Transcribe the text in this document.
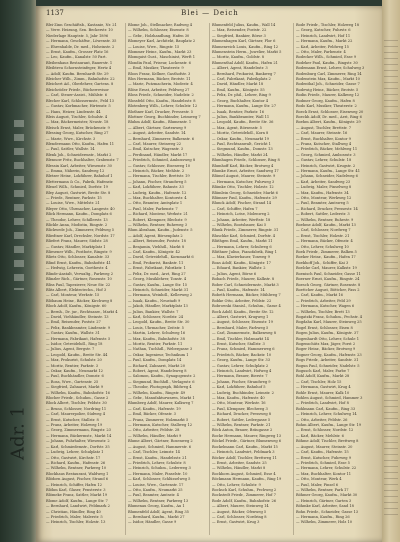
Adr. 1
1137	Blei — Deich
Blei-Zinn Geschäftsb., Kastanie, Nr. 21
— Verw. Heizung, Sen. Beckerstr. 10
Niederlage Hauptstr. 5, Jahr 1896
— Hermann, Geschäftsr., Löwenstr. 35
— Ehrenhalde, Dr. med., Hoheinstr. 2
— Ernst, Kaufm., Grosser Platz 16
— Leo, Kaufm., Kanalstr. 50 Part.
Bleibenhaus Restaurant, Bauerstr. 1
Bleibtreu Schornsteinfeger, Hertz 4
— Adolf, Kaufm. Bernhardt Str. 29
Bleicher Wilh., Zimm., Bahnhofstr. 22
Bleichert Ad., Oberlehrer, Gartens. 8
Bleichröder Friedr., Bücherrevisor
— Carl, Steuer-Assist., Mühlstr. 6
Blecher Karl, Schlossermstr., Feld 13
— Gustav, Korbmacher, Hirtenstr. 5
— Hans, Heizer, Lindenstr. 44
Bleis August, Tischler, Schulstr. 4
— Max, Bäckermeister, Neustr. 18
Bleisch Ernst, Maler, Brückenstr. 9
Blessing Georg, Kutscher, Ring 27
— Marie, Wwe., Kirchstr. 3
Blendermann Otto, Kaufm., Hafen 11
— Paul, Sattler, Wallstr. 14
Blenk Joh., Schneidermstr., Markt 2
Blennow Fritz, Buchhalter, Grabenstr. 7
Blessin Karl, Arbeiter, Wiesenstr. 30
— Emma, Näherin, Sandweg 12
Bletzer Heinr., Lokführer, Bahnhof 1
Blettermann & Co., Fabrik, Hafenstr.
Bleuel Wilh., Schmied, Dorfstr. 19
Bley August, Gastwirt, Breite Str. 8
— Friedr., Rentner, Parkstr. 15
— Louise, Wwe., Mittelstr. 21
Bleyer Otto, Uhrmacher, Langestr. 40
Blick Hermann, Kaufm., Domplatz 6
— Theodor, Lehrer, Schillerstr. 13
Blickle Anna, Modistin, Ringstr. 2
Blickwede Joh., Zimmerer, Feldweg 5
Bliedtner Karl, Drechsler, Nordstr. 17
Bliefert Franz, Maurer, Südstr. 28
— Gustav, Händler, Marktplatz 1
Bliesener Wilh., Postbote, Ringstr. 9
Blietz Otto, Schlosser, Kanalstr. 33
Blind Ernst, Kaufm., Bahnhofstr. 41
— Hedwig, Lehrerin, Goethestr. 4
Blinde-Anstalt, Verwaltg., Parkweg 2
Blinzler Rich., Gärtner, Rosenstr. 10
Bliss Paul, Tapezierer, Neue Str. 22
Blitz Albert, Elektrotechn., Hof 3
— Carl, Monteur, Werkstr. 15
Blöbaum Heinr., Bäcker, Kirchweg 8
Bloch Adolf, Kaufm., Königstr. 60
— Bernh., Dr. jur., Rechtsanw., Markt 4
— David, Viehhändler, Steinstr. 13
— Emil, Reisender, Poststr. 27
— Felix, Bankbeamter, Lindenstr. 9
— Gustav, Kaufm., Wallstr. 31
— Hermann, Fabrikant, Hafenstr. 5
— Isidor, Getreidehdl., Ring 18
— Julius, Agent, Bergstr. 7
— Leopold, Kaufm., Breite Str. 44
— Max, Prokurist, Schulstr. 20
— Moritz, Rentier, Parkstr. 3
— Oskar, Kaufm., Neumarkt 12
— Paul, Buchhändler, Domstr. 6
— Rosa, Wwe., Gartenstr. 25
— Siegfried, Zahnarzt, Markt 9
— Wilhelm, Kaufm., Bahnhofstr. 16
Blocher Friedr., Schuhm., Gasse 2
Block Albert, Tischler, Feldstr. 30
— Bruno, Schlosser, Nordring 11
— Carl, Maurerpolier, Südweg 4
— Ernst, Kutscher, Stallstr. 8
— Franz, Arbeiter, Holzweg 19
— Georg, Zimmermann, Ringstr. 23
— Hermann, Bäckermstr., Markt 14
— Johann, Fuhrhalter, Wiesenstr. 2
— Karl, Schmiedemstr., Dorfstr. 35
— Ludwig, Lehrer, Schulplatz 1
— Otto, Gastwirt, Kirchstr. 17
— Richard, Kaufm., Hafenstr. 26
— Wilhelm, Rentner, Parkweg 10
Blockhaus Restaurant, Waldweg 1
Blödorn August, Fischer, Strand 6
— Heinrich, Schiffer, Hafen 12
Blöhm Karl, Glaser, Fensterstr. 3
Blömeke Franz, Sattler, Markt 19
Blome Adolf, Kaufm., Lange Str. 7
— Bernhard, Landwirt, Feldmark 2
— Christian, Händler, Ring 40
— Friedrich, Maler, Malerstr. 5
— Heinrich, Tischler, Holzstr. 13
Blome Joh., Stellmacher, Radweg 4
— Wilhelm, Schlosser, Eisenstr. 8
— Gebr., Holzhandlung, Hafen 30
Blomeyer Karl, Architekt, Bauplatz 2
— Louise, Wwe., Ringstr. 15
Blommer Heinr., Kaufm., Markt 23
Blomquist Gust., Maschinist, Werft 1
Blondin Paul, Friseur, Lockenstr. 6
— Emil, Musiker, Theaterstr. 9
Bloos Franz, Kellner, Gasthofstr. 3
Blos Hermann, Bäcker, Brotstr. 11
— Marie, Putzmacherin, Modestr. 4
Blöse Ernst, Arbeiter, Feldweg 27
Bloss Friedr., Schneider, Nadelstr. 2
Blossfeld Otto, Kaufm., Handelsstr. 8
Blotenberg Wilh., Lehrer, Schulstr. 12
Blothner Karl, Drucker, Pressestr. 5
Blottner Georg, Buchbinder, Leimweg 7
Bluhm Adolf, Kaufm., Blumenstr. 1
— Albert, Gärtner, Gartenweg 9
— August, Arbeiter, Sandstr. 14
— Bernhard, Zimmerer, Balkenstr. 6
— Carl, Maurer, Steinweg 22
— Emil, Kutscher, Wagenstr. 3
— Ferdinand, Händler, Markt 17
— Friedrich, Schmied, Ambossweg 8
— Gustav, Schlosser, Eisenweg 10
— Heinrich, Bäcker, Mehlstr. 2
— Hermann, Tischler, Brettstr. 19
— Johann, Fischer, Strandweg 5
— Karl, Lokführer, Bahnstr. 33
— Ludwig, Kaufm., Hafenstr. 12
— Max, Buchhalter, Kontorstr. 4
— Otto, Beamter, Amtsplatz 1
— Paul, Maler, Farbenstr. 7
— Richard, Monteur, Werkstr. 21
— Robert, Klempner, Blechstr. 9
— Wilhelm, Rentner, Ruheweg 3
Blum Abraham, Kaufm., Judenstr. 5
— Adolf, Agent, Börsenplatz 2
— Albert, Reisender, Poststr. 18
— Benjamin, Viehhdl., Markt 8
— Carl, Kaufm., Königstr. 42
— David, Getreidehdl., Kornmarkt 6
— Emil, Prokurist, Bankstr. 11
— Ernst, Fabrikant, Fabrikstr. 1
— Felix, Dr. med., Arzt, Ring 27
— Georg, Musiklehrer, Tonstr. 4
— Gustav, Kaufm., Lange Str. 15
— Heinrich, Schneider, Markt 31
— Hermann, Weinhdl., Kellerweg 2
— Isaak, Kaufm., Neustadt 9
— Jakob, Händler, Marktplatz 13
— Julius, Bankier, Wallstr. 7
— Karl, Schlosser, Nordstr. 24
— Leopold, Kaufm., Breite Str. 30
— Louis, Uhrmacher, Zeitstr. 5
— Martin, Lehrer, Schulweg 16
— Max, Kaufm., Bahnhofstr. 38
— Moritz, Rentier, Parkstr. 11
— Nathan, Tuchhdl., Webergasse 3
— Oskar, Ingenieur, Technikum 1
— Paul, Kaufm., Domplatz 14
— Richard, Zahnarzt, Markt 20
— Robert, Agent, Handelsweg 8
— Salomon, Kaufm., Synagogenstr. 2
— Siegmund, Buchhdl., Verlagsstr. 6
— Theodor, Photograph, Bildweg 4
— Wilhelm, Kaufm., Ringstr. 49
— Gebr., Manufakturwaren, Markt 1
Blumberg Adolf, Maurer, Kalkweg 7
— Carl, Kaufm., Hafenstr. 19
— Emil, Bäcker, Ofenstr. 3
— Franz, Zimmerer, Holzmarkt 5
— Hermann, Kutscher, Stallweg 12
— Otto, Arbeiter, Feldstr. 28
— Wilhelm, Händler, Markt 9
Blume Albert, Gärtner, Rosenweg 2
— August, Schmied, Hammerstr. 6
— Carl, Tischler, Leimstr. 14
— Ernst, Kaufm., Handelsstr. 21
— Friedrich, Lehrer, Schulstr. 8
— Heinrich, Schuhm., Lederweg 3
— Hermann, Maler, Pinselstr. 10
— Karl, Schlosser, Schlüsselweg 5
— Louise, Wwe., Gartenstr. 17
— Otto, Kaufm., Neumarkt 25
— Paul, Beamter, Amtsstr. 4
— Wilhelm, Rentner, Parkweg 13
Blumenau Georg, Kaufm., Au 1
Blumenfeld Adolf, Agent, Ring 35
— Bernhard, Kaufm., Markt 27
— Isidor, Händler, Gasse 9
Blumenfeld Julius, Kaufm., Wall 14
— Max, Reisender, Poststr. 22
— Siegfried, Bankier, Börse 3
Blumenhagen Karl, Gärtner, Flor 6
Blumenreich Louis, Kaufm., Ring 12
Blumenstein Herm., Juwelier, Markt 5
— Moritz, Kaufm., Goldstr. 8
Blumenthal Adolf, Kaufm., Hafen 21
— Albert, Agent, Handelsstr. 3
— Bernhard, Prokurist, Bankweg 7
— Carl, Fabrikant, Fabrikplatz 2
— David, Händler, Markt 18
— Emil, Kaufm., Königstr. 55
— Felix, Dr. phil., Lehrer, Ring 9
— Georg, Buchhalter, Kontor 4
— Hermann, Kaufm., Lange Str. 27
— Isaak, Rentier, Parkstr. 16
— Julius, Bankbeamter, Wall 11
— Leopold, Kaufm., Breite Str. 36
— Max, Agent, Börsenstr. 5
— Moritz, Getreidehdl., Korn 8
— Oskar, Kaufm., Neumarkt 19
— Paul, Rechtsanwalt, Gericht 1
— Siegmund, Kaufm., Domstr. 13
— Wilhelm, Händler, Markt 24
Blumhagen Friedr., Schlosser, Ring 8
Blumhoff Karl, Bäcker, Brotweg 4
Blumke Ernst, Arbeiter, Sandweg 17
Blümel August, Maurer, Steinstr. 9
— Hermann, Kutscher, Fuhrweg 3
Blümke Otto, Tischler, Holzstr. 12
Blümlein Georg, Schneider, Markt 6
Blümner Paul, Kaufm., Hafenstr. 29
Blunck Adolf, Fischer, Strand 14
— Carl, Schiffer, Hafen 7
— Heinrich, Lotse, Molenweg 2
— Johann, Arbeiter, Werftstr. 18
— Wilhelm, Bootsbauer, Kai 5
Blunk Friedr., Zimmerer, Ringstr. 31
Bluschke Karl, Schmied, Dorfstr. 4
Blüthgen Emil, Kaufm., Markt 11
— Hermann, Lehrer, Schulweg 6
Blüthner Julius, Pianofabrik, Ring 1
— Max, Klavierbauer, Tonweg 9
Boas Adolf, Kaufm., Königstr. 17
— Eduard, Bankier, Wallstr. 2
— Julius, Agent, Börse 6
Bobach Friedr., Maurer, Kalkstr. 8
Bober Carl, Schneidermstr., Markt 3
— Paul, Kaufm., Hafenstr. 14
Bobeth Hermann, Bäcker, Mühlweg 7
Bobke Otto, Arbeiter, Feldstr. 22
Bobrowski Stanisl., Schuhm., Gasse 4
Bock Adolf, Kaufm., Breite Str. 12
— Albert, Gastwirt, Krugweg 1
— August, Schlosser, Eisenstr. 19
— Bernhard, Maler, Farbweg 5
— Carl, Zimmermstr., Balkenweg 8
— Emil, Tischler, Holzmarkt 14
— Ernst, Kutscher, Stallstr. 3
— Franz, Schmied, Hammerweg 6
— Friedrich, Bäcker, Backstr. 10
— Georg, Kaufm., Lange Str. 33
— Gustav, Lehrer, Schulplatz 2
— Heinrich, Landwirt, Hofweg 4
— Hermann, Brauer, Bierstr. 7
— Johann, Fischer, Strandweg 9
— Karl, Lokführer, Bahnhof 5
— Ludwig, Buchbinder, Leimstr. 2
— Max, Kaufm., Hafenstr. 40
— Otto, Monteur, Werkstr. 16
— Paul, Klempner, Blechweg 3
— Richard, Drucker, Pressweg 8
— Robert, Sattler, Ledergasse 5
— Wilhelm, Rentner, Parkstr. 21
Böck Anton, Brauer, Bräugasse 2
Bocke Hermann, Maurer, Ringweg 13
Böckel Friedr., Gärtner, Blumenweg 6
Bockelmann Carl, Kaufm., Markt 15
— Heinrich, Landwirt, Feldmark 3
Böcker Adolf, Tischler, Brettweg 11
— Ernst, Arbeiter, Sandstr. 25
— Wilhelm, Händler, Markt 8
Bockhorn August, Schmied, Esse 4
Böckmann Hermann, Kaufm., Ring 19
— Otto, Lehrer, Schulstr. 9
Bocksch Karl, Schuhm., Pechweg 2
Bockstedt Friedr., Zimmerer, Hof 7
Bode Adolf, Kaufm., Bahnhofstr. 26
— Albert, Maurer, Steinweg 14
— August, Bäcker, Ofenweg 5
— Carl, Schlosser, Nordring 8
— Ernst, Gastwirt, Krug 3
Bode Friedr., Tischler, Holzweg 18
— Georg, Kutscher, Fuhrstr. 6
— Heinrich, Landwirt, Hof 11
— Hermann, Kaufm., Markt 22
— Karl, Arbeiter, Feldweg 15
— Otto, Maler, Farbenstr. 4
Bodecker Wilh., Schmied, Esse 9
Bodeker Paul, Kaufm., Ringstr. 30
Bodemann Ernst, Lehrer, Schulweg 3
Bodenburg Carl, Zimmerer, Ring 14
Bodenstein Max, Kaufm., Markt 10
Bodenthal Joh., Schneider, Gasse 7
Bodewig Heinr., Bäcker, Brotstr. 5
Bodin Friedr., Maurer, Kalkweg 12
Bodmer Georg, Kaufm., Hafen 8
Bodo Karl, Musiker, Theaterstr. 2
Boeck Ernst, Schlosser, Eisenweg 20
Boeckh Adolf, Dr. med., Arzt, Ring 6
Boehm Albert, Kaufm., Königstr. 29
— August, Tischler, Brettstr. 7
— Carl, Maurer, Steinstr. 16
— Ernst, Buchhalter, Kontor 9
— Franz, Kutscher, Stallweg 4
— Friedrich, Bäcker, Mehlweg 11
— Georg, Schmied, Ambossstr. 3
— Gustav, Lehrer, Schulstr. 18
— Heinrich, Gastwirt, Krugstr. 2
— Hermann, Kaufm., Lange Str. 41
— Johann, Schneider, Nadelweg 6
— Karl, Arbeiter, Sandweg 23
— Ludwig, Maler, Pinselweg 8
— Max, Kaufm., Hafenstr. 34
— Otto, Monteur, Werkweg 12
— Paul, Beamter, Amtsweg 5
— Richard, Drucker, Pressestr. 14
— Robert, Sattler, Lederstr. 3
— Wilhelm, Rentner, Ruhestr. 9
Boehme Adolf, Kaufm., Markt 13
— Carl, Schlosser, Nordweg 7
— Ernst, Tischler, Holzstr. 21
— Hermann, Bäcker, Ofenstr. 4
— Otto, Lehrer, Schulweg 10
Boek Friedr., Zimmerer, Balken 5
Boeker Heinr., Kaufm., Hafen 17
Boekhoff Joh., Schiffer, Kai 3
Boelcke Carl, Maurer, Kalkstr. 19
Boenisch Paul, Schneider, Gasse 11
Boerner Ernst, Kaufm., Ringstr. 24
Boesch Georg, Gärtner, Rosenstr. 8
Boettcher August, Böttcher, Fass 2
— Carl, Kaufm., Markt 16
— Friedrich, Arbeiter, Feld 29
— Hermann, Kutscher, Wagen 6
— Wilhelm, Tischler, Brett 13
Bogatzki Franz, Schuhm., Pechstr. 4
Bogdahn Karl, Maurer, Steinweg 25
Bogel Ernst, Schlosser, Eisen 8
Bogen Julius, Kaufm., Königstr. 37
Bogenhardt Otto, Lehrer, Schule 1
Bogenschütz Max, Jäger, Forst 2
Boger Heinr., Bäcker, Brotweg 9
Bogner Georg, Kaufm., Hafenstr. 23
Bogs Friedr., Arbeiter, Sandstr. 31
Bogun Paul, Schneider, Nadelstr. 5
Bogusch Karl, Maler, Farbe 7
Bohl Adolf, Kaufm., Markt 28
— Carl, Tischler, Holz 15
— Hermann, Gastwirt, Krug 4
Bohle Ernst, Maurer, Kalk 10
Bohlen August, Schmied, Hammer 3
— Friedrich, Landwirt, Hof 8
Bohlmann Carl, Kaufm., Ring 33
— Heinrich, Lehrer, Schulweg 14
— Otto, Arbeiter, Feldstr. 26
Bohm Albert, Kaufm., Lange Str. 19
— Ernst, Schlosser, Nordstr. 12
— Karl, Bäcker, Mehlstr. 6
Böhme Adolf, Tischler, Brettweg 8
— August, Maurer, Steinstr. 20
— Carl, Kaufm., Hafenstr. 15
— Ernst, Kutscher, Fuhrweg 9
— Friedrich, Schmied, Esse 5
— Hermann, Lehrer, Schulstr. 22
— Max, Buchhalter, Kontor 11
— Otto, Monteur, Werk 4
— Paul, Maler, Pinsel 6
— Wilhelm, Rentner, Park 17
Böhmer Georg, Kaufm., Markt 30
— Heinrich, Gärtner, Garten 3
Böhmke Karl, Arbeiter, Sand 18
Bohn Friedr., Schneider, Gasse 13
— Hermann, Kaufm., Ring 26
— Wilhelm, Zimmerer, Holz 10
